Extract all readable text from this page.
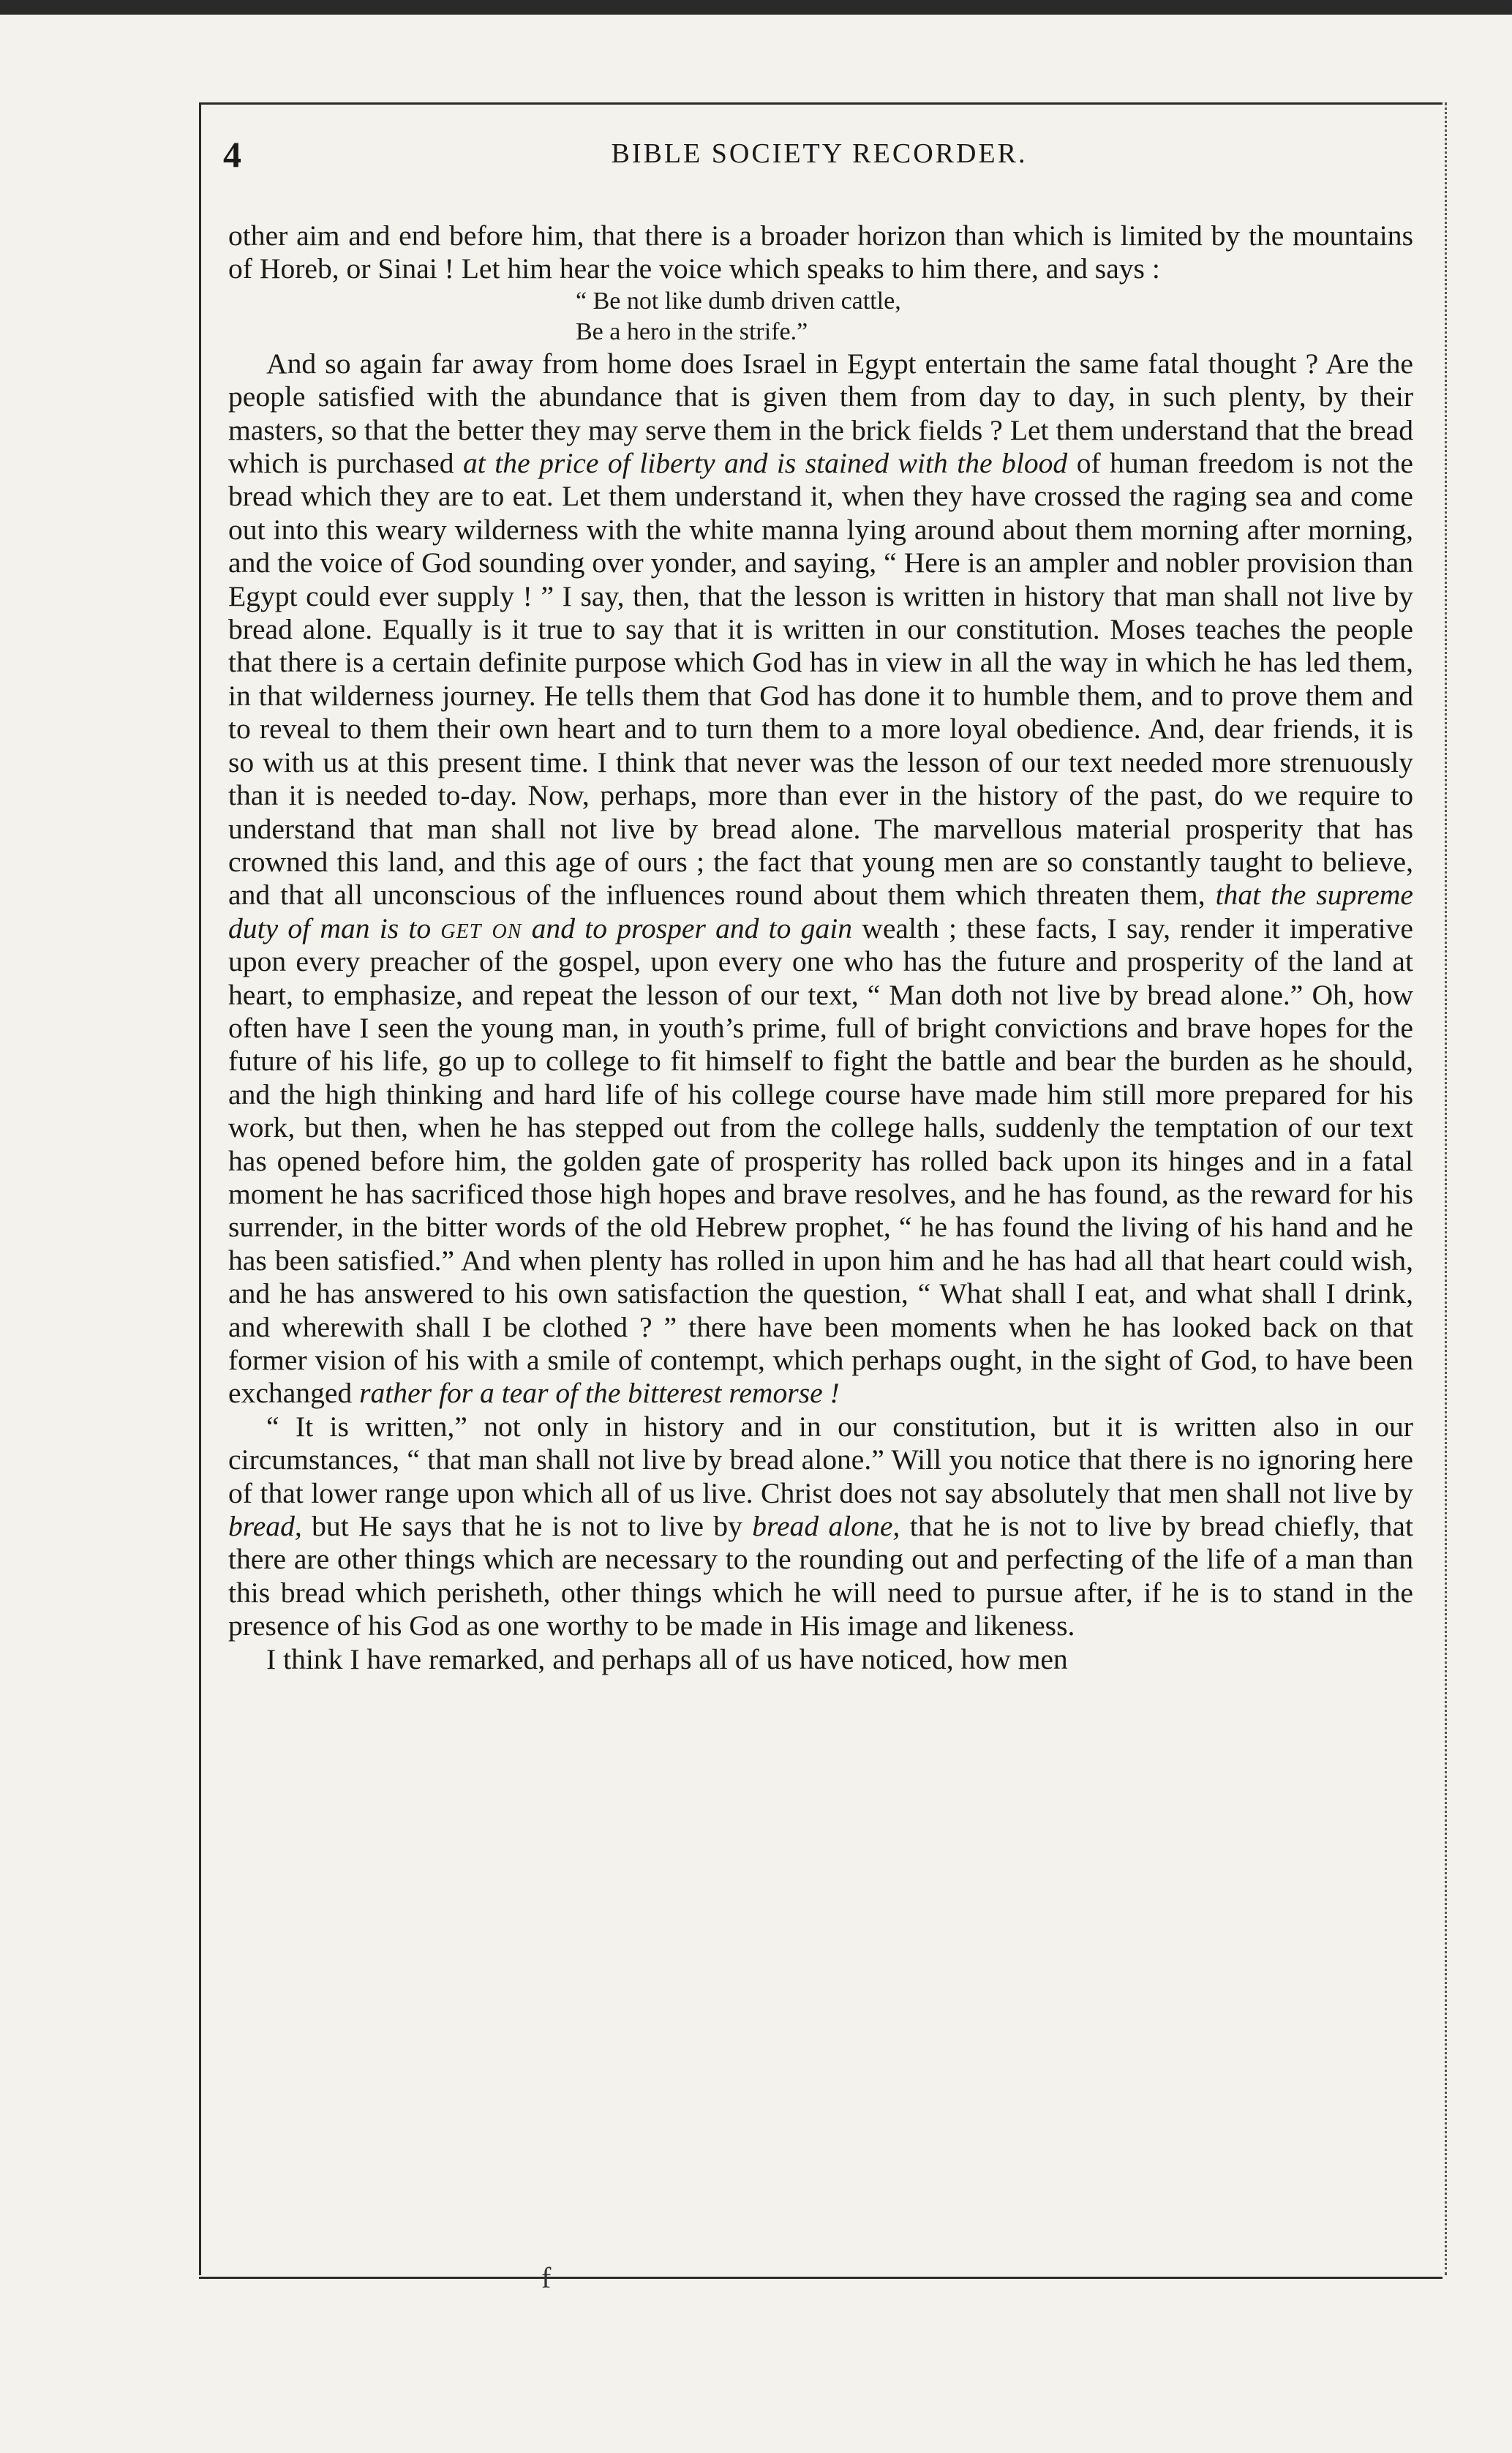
f
4	BIBLE SOCIETY RECORDER.

other aim and end before him, that there is a broader horizon than which is limited by the mountains of Horeb, or Sinai ! Let him hear the voice which speaks to him there, and says :

“ Be not like dumb driven cattle,

Be a hero in the strife.”

And so again far away from home does Israel in Egypt entertain the same fatal thought ? Are the people satisfied with the abundance that is given them from day to day, in such plenty, by their masters, so that the better they may serve them in the brick fields ? Let them understand that the bread which is purchased at the price of liberty and is stained with the blood of human freedom is not the bread which they are to eat. Let them understand it, when they have crossed the raging sea and come out into this weary wilderness with the white manna lying around about them morning after morning, and the voice of God sounding over yonder, and saying, “ Here is an ampler and nobler provision than Egypt could ever supply ! ” I say, then, that the lesson is written in history that man shall not live by bread alone. Equally is it true to say that it is written in our constitution. Moses teaches the people that there is a certain definite purpose which God has in view in all the way in which he has led them, in that wilderness journey. He tells them that God has done it to humble them, and to prove them and to reveal to them their own heart and to turn them to a more loyal obedience. And, dear friends, it is so with us at this present time. I think that never was the lesson of our text needed more strenuously than it is needed to-day. Now, perhaps, more than ever in the history of the past, do we require to understand that man shall not live by bread alone. The marvellous material prosperity that has crowned this land, and this age of ours ; the fact that young men are so constantly taught to believe, and that all unconscious of the influences round about them which threaten them, that the supreme duty of man is to get on and to prosper and to gain wealth ; these facts, I say, render it imperative upon every preacher of the gospel, upon every one who has the future and prosperity of the land at heart, to emphasize, and repeat the lesson of our text, “ Man doth not live by bread alone.” Oh, how often have I seen the young man, in youth’s prime, full of bright convictions and brave hopes for the future of his life, go up to college to fit himself to fight the battle and bear the burden as he should, and the high thinking and hard life of his college course have made him still more prepared for his work, but then, when he has stepped out from the college halls, suddenly the temptation of our text has opened before him, the golden gate of prosperity has rolled back upon its hinges and in a fatal moment he has sacrificed those high hopes and brave resolves, and he has found, as the reward for his surrender, in the bitter words of the old Hebrew prophet, “ he has found the living of his hand and he has been satisfied.” And when plenty has rolled in upon him and he has had all that heart could wish, and he has answered to his own satisfaction the question, “ What shall I eat, and what shall I drink, and wherewith shall I be clothed ? ” there have been moments when he has looked back on that former vision of his with a smile of contempt, which perhaps ought, in the sight of God, to have been exchanged rather for a tear of the bitterest remorse !

“ It is written,” not only in history and in our constitution, but it is written also in our circumstances, “ that man shall not live by bread alone.” Will you notice that there is no ignoring here of that lower range upon which all of us live. Christ does not say absolutely that men shall not live by bread, but He says that he is not to live by bread alone, that he is not to live by bread chiefly, that there are other things which are necessary to the rounding out and perfecting of the life of a man than this bread which perisheth, other things which he will need to pursue after, if he is to stand in the presence of his God as one worthy to be made in His image and likeness.

I think I have remarked, and perhaps all of us have noticed, how men
